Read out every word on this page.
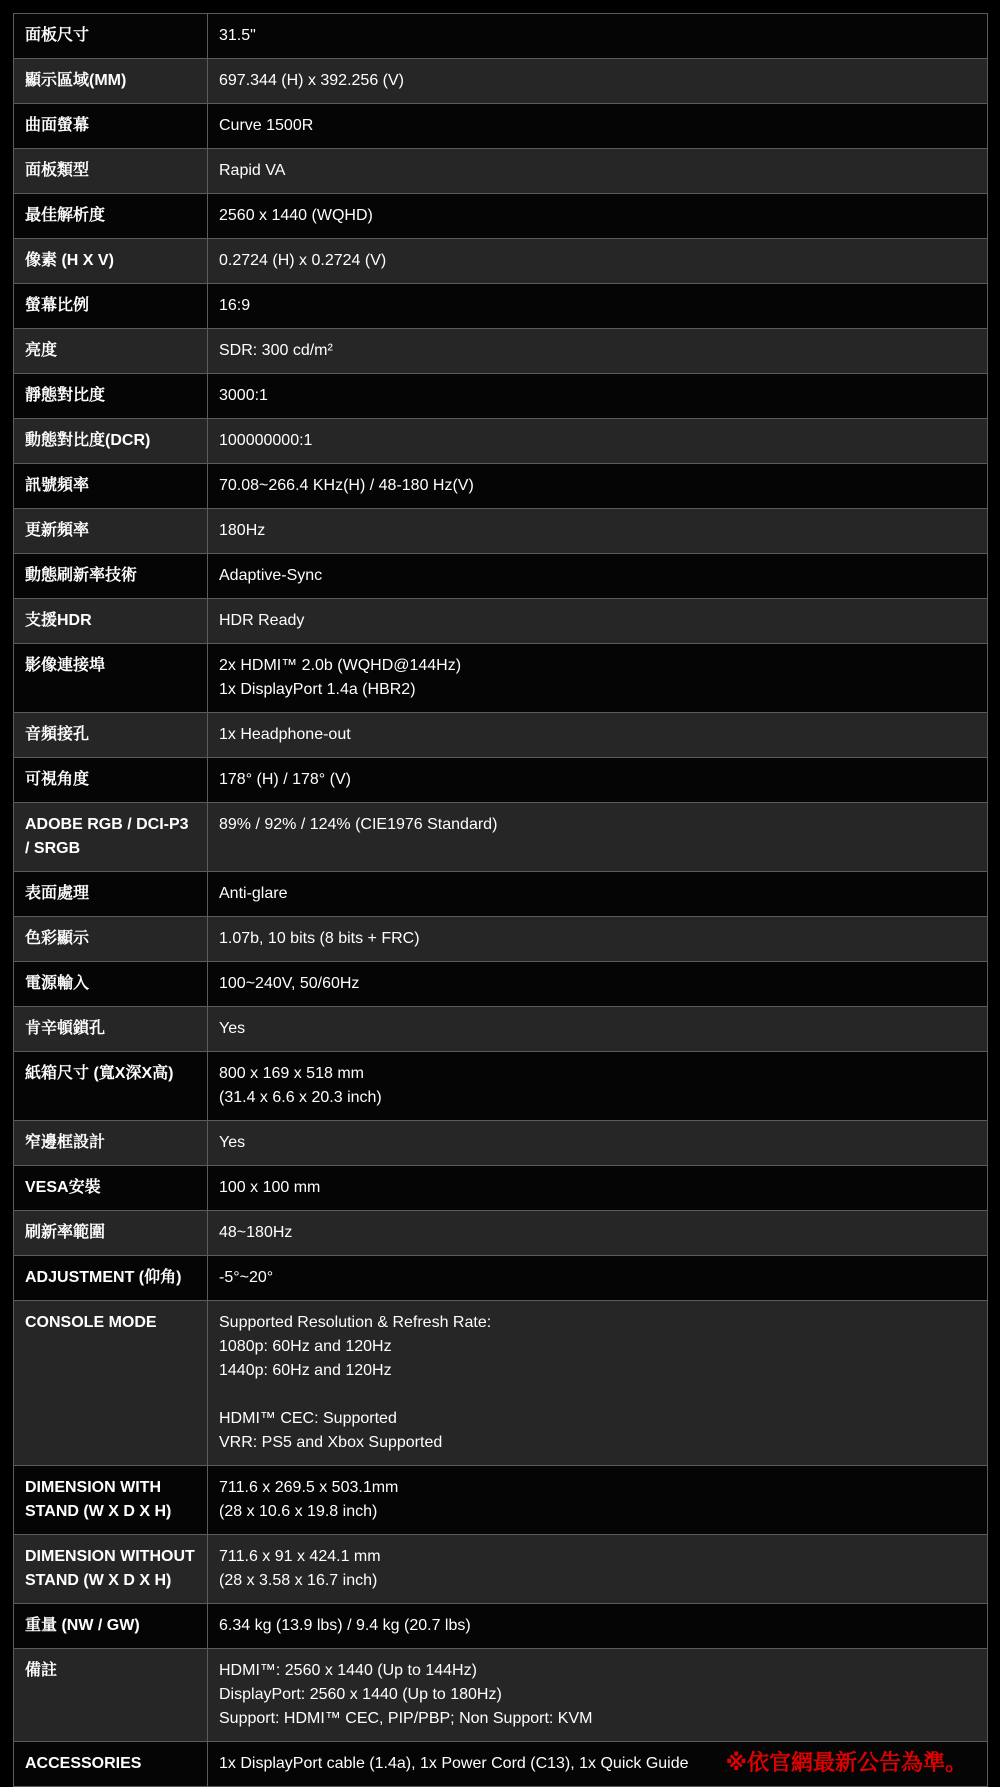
面板尺寸	31.5"

顯示區域(MM)	697.344 (H) x 392.256 (V)

曲面螢幕	Curve 1500R

面板類型	Rapid VA

最佳解析度	2560 x 1440 (WQHD)

像素 (H X V)	0.2724 (H) x 0.2724 (V)

螢幕比例	16:9

亮度	SDR: 300 cd/m²

靜態對比度	3000:1

動態對比度(DCR)	100000000:1

訊號頻率	70.08~266.4 KHz(H) / 48-180 Hz(V)

更新頻率	180Hz

動態刷新率技術	Adaptive-Sync

支援HDR	HDR Ready

影像連接埠	2x HDMI™ 2.0b (WQHD@144Hz)
1x DisplayPort 1.4a (HBR2)

音頻接孔	1x Headphone-out

可視角度	178° (H) / 178° (V)

ADOBE RGB / DCI-P3 / SRGB	89% / 92% / 124% (CIE1976 Standard)

表面處理	Anti-glare

色彩顯示	1.07b, 10 bits (8 bits + FRC)

電源輸入	100~240V, 50/60Hz

肯辛頓鎖孔	Yes

紙箱尺寸 (寬X深X高)	800 x 169 x 518 mm
(31.4 x 6.6 x 20.3 inch)

窄邊框設計	Yes

VESA安裝	100 x 100 mm

刷新率範圍	48~180Hz

ADJUSTMENT (仰角)	-5°~20°

CONSOLE MODE	Supported Resolution & Refresh Rate:
1080p: 60Hz and 120Hz
1440p: 60Hz and 120Hz
HDMI™ CEC: Supported
VRR: PS5 and Xbox Supported

DIMENSION WITH STAND (W X D X H)	711.6 x 269.5 x 503.1mm
(28 x 10.6 x 19.8 inch)

DIMENSION WITHOUT STAND (W X D X H)	711.6 x 91 x 424.1 mm
(28 x 3.58 x 16.7 inch)

重量 (NW / GW)	6.34 kg (13.9 lbs) / 9.4 kg (20.7 lbs)

備註	HDMI™: 2560 x 1440 (Up to 144Hz)
DisplayPort: 2560 x 1440 (Up to 180Hz)
Support: HDMI™ CEC, PIP/PBP; Non Support: KVM

ACCESSORIES	1x DisplayPort cable (1.4a), 1x Power Cord (C13), 1x Quick Guide ※依官網最新公告為準。
